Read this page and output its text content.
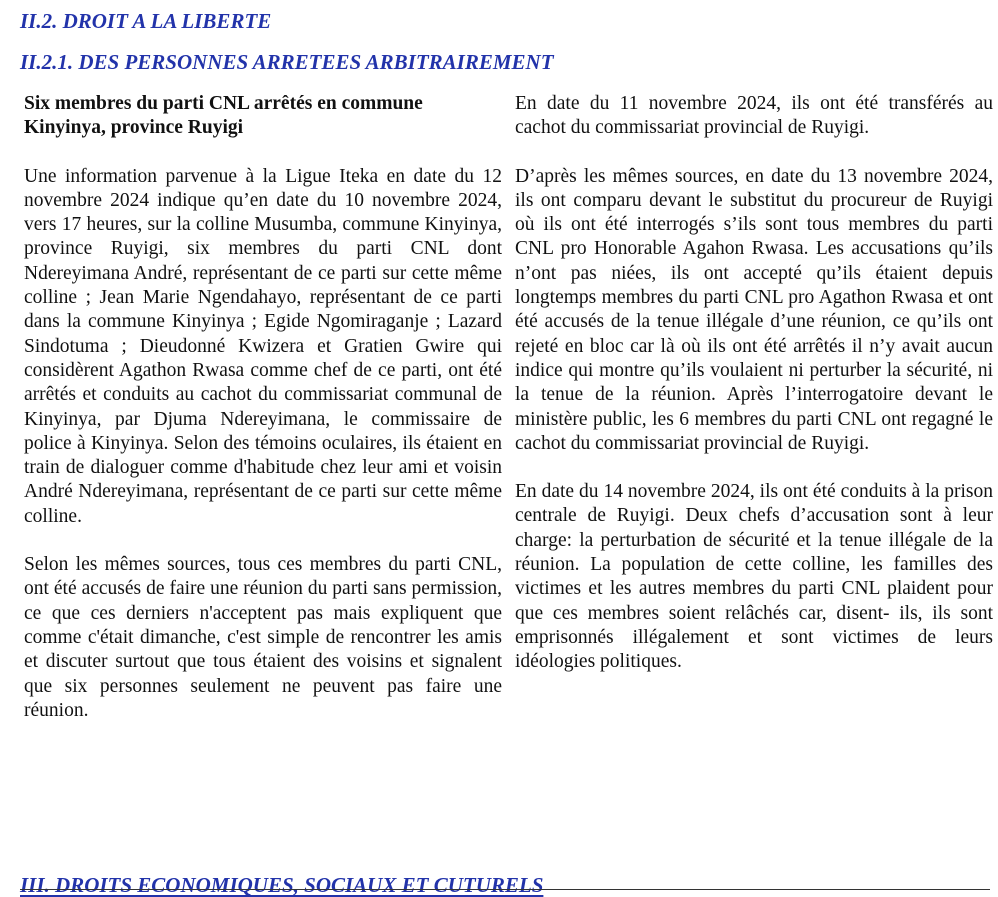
II.2. DROIT A LA LIBERTE
II.2.1. DES PERSONNES ARRETEES ARBITRAIREMENT

Six membres du parti CNL arrêtés en commune Kinyinya, province Ruyigi

Une information parvenue à la Ligue Iteka en date du 12 novembre 2024 indique qu’en date du 10 novembre 2024, vers 17 heures, sur la colline Musumba, commune Kinyinya, province Ruyigi, six membres du parti CNL dont Ndereyimana André, représentant de ce parti sur cette même colline ; Jean Marie Ngendahayo, représentant de ce parti dans la commune Kinyinya ; Egide Ngomiraganje ; Lazard Sindotuma ; Dieudonné Kwizera et Gratien Gwire qui considèrent Agathon Rwasa comme chef de ce parti, ont été arrêtés et conduits au cachot du commissariat communal de Kinyinya, par Djuma Ndereyimana, le commissaire de police à Kinyinya. Selon des témoins oculaires, ils étaient en train de dialoguer comme d'habitude chez leur ami et voisin André Ndereyimana, représentant de ce parti sur cette même colline.

Selon les mêmes sources, tous ces membres du parti CNL, ont été accusés de faire une réunion du parti sans permission, ce que ces derniers n'acceptent pas mais expliquent que comme c'était dimanche, c'est simple de rencontrer les amis et discuter surtout que tous étaient des voisins et signalent que six personnes seulement ne peuvent pas faire une réunion.

En date du 11 novembre 2024, ils ont été transférés au cachot du commissariat provincial de Ruyigi.

D’après les mêmes sources, en date du 13 novembre 2024, ils ont comparu devant le substitut du procureur de Ruyigi où ils ont été interrogés s’ils sont tous membres du parti CNL pro Honorable Agahon Rwasa. Les accusations qu’ils n’ont pas niées, ils ont accepté qu’ils étaient depuis longtemps membres du parti CNL pro Agathon Rwasa et ont été accusés de la tenue illégale d’une réunion, ce qu’ils ont rejeté en bloc car là où ils ont été arrêtés il n’y avait aucun indice qui montre qu’ils voulaient ni perturber la sécurité, ni la tenue de la réunion. Après l’interrogatoire devant le ministère public, les 6 membres du parti CNL ont regagné le cachot du commissariat provincial de Ruyigi.

En date du 14 novembre 2024, ils ont été conduits à la prison centrale de Ruyigi. Deux chefs d’accusation sont à leur charge: la perturbation de sécurité et la tenue illégale de la réunion. La population de cette colline, les familles des victimes et les autres membres du parti CNL plaident pour que ces membres soient relâchés car, disent- ils, ils sont emprisonnés illégalement et sont victimes de leurs idéologies politiques.

III. DROITS ECONOMIQUES, SOCIAUX ET CUTURELS
